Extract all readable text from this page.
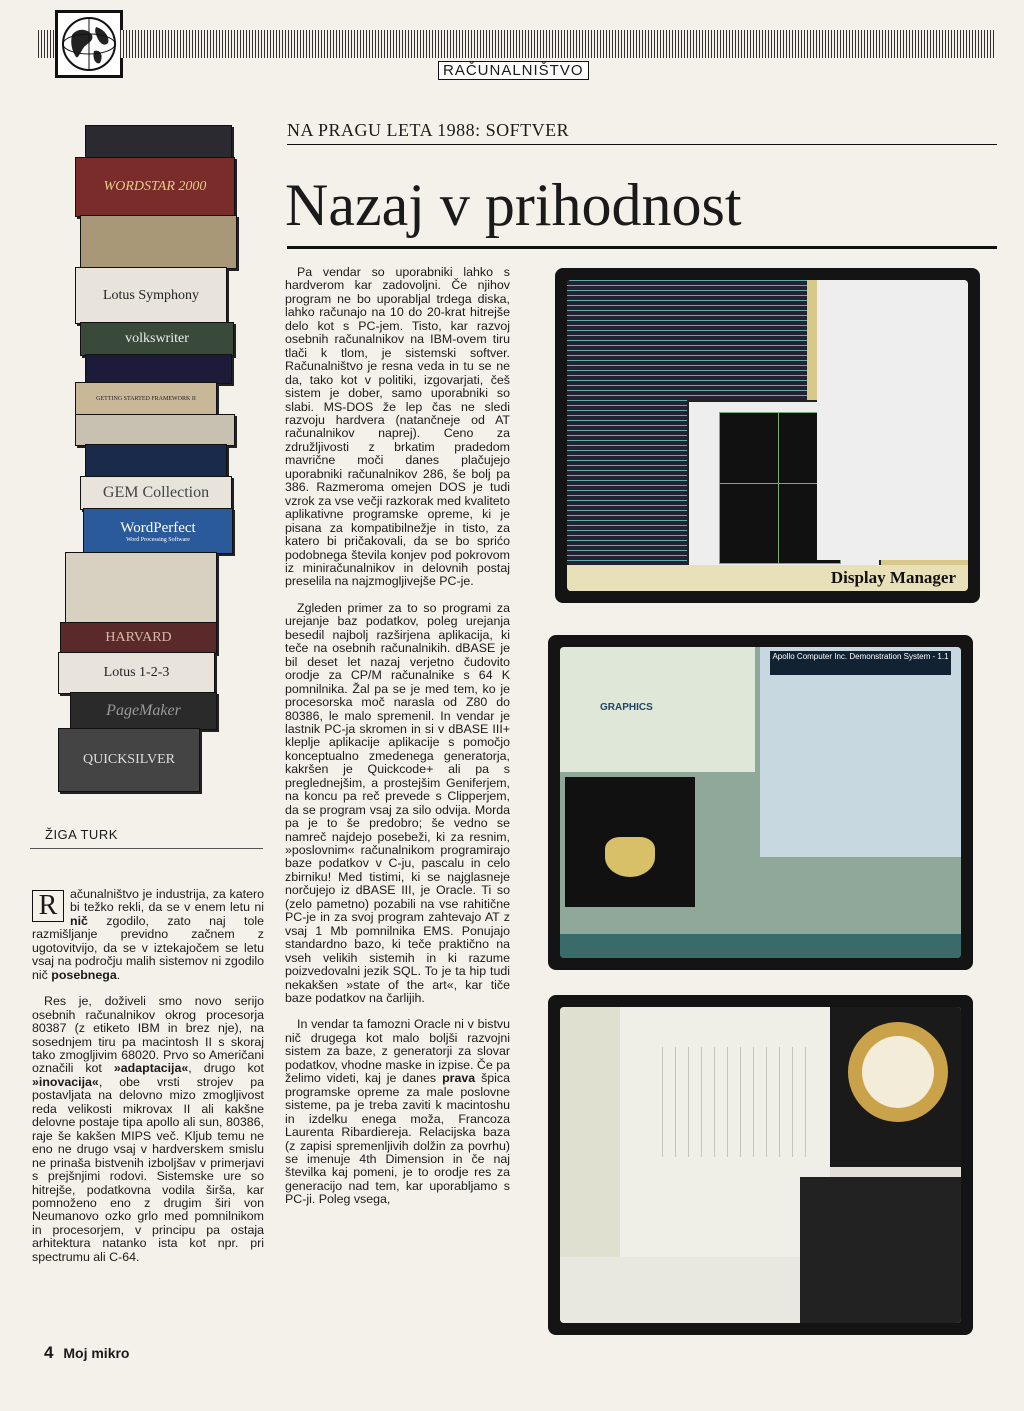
RAČUNALNIŠTVO
NA PRAGU LETA 1988: SOFTVER
Nazaj v prihodnost
WORDSTAR 2000
Lotus Symphony
volkswriter
GETTING STARTED FRAMEWORK II
GEM Collection
WordPerfect
Word Processing Software
HARVARD
Lotus 1-2-3
PageMaker
QUICKSILVER
ŽIGA TURK

R	ačunalništvo je industrija, za katero bi težko rekli, da se v enem letu ni nič zgodilo, zato naj tole razmišljanje previdno začnem z ugotovitvijo, da se v iztekajočem se letu vsaj na področju malih sistemov ni zgodilo nič posebnega.

Res je, doživeli smo novo serijo osebnih računalnikov okrog procesorja 80387 (z etiketo IBM in brez nje), na sosednjem tiru pa macintosh II s skoraj tako zmogljivim 68020. Prvo so Američani označili kot »adaptacija«, drugo kot »inovacija«, obe vrsti strojev pa postavljata na delovno mizo zmogljivost reda velikosti mikrovax II ali kakšne delovne postaje tipa apollo ali sun, 80386, raje še kakšen MIPS več. Kljub temu ne eno ne drugo vsaj v hardverskem smislu ne prinaša bistvenih izboljšav v primerjavi s prejšnjimi rodovi. Sistemske ure so hitrejše, podatkovna vodila širša, kar pomnoženo eno z drugim širi von Neumanovo ozko grlo med pomnilnikom in procesorjem, v principu pa ostaja arhitektura natanko ista kot npr. pri spectrumu ali C-64.

Pa vendar so uporabniki lahko s hardverom kar zadovoljni. Če njihov program ne bo uporabljal trdega diska, lahko računajo na 10 do 20-krat hitrejše delo kot s PC-jem. Tisto, kar razvoj osebnih računalnikov na IBM-ovem tiru tlači k tlom, je sistemski softver. Računalništvo je resna veda in tu se ne da, tako kot v politiki, izgovarjati, češ sistem je dober, samo uporabniki so slabi. MS-DOS že lep čas ne sledi razvoju hardvera (natančneje od AT računalnikov naprej). Ceno za združljivosti z brkatim pradedom mavrične moči danes plačujejo uporabniki računalnikov 286, še bolj pa 386. Razmeroma omejen DOS je tudi vzrok za vse večji razkorak med kvaliteto aplikativne programske opreme, ki je pisana za kompatibilnežje in tisto, za katero bi pričakovali, da se bo sprićo podobnega števila konjev pod pokrovom iz miniračunalnikov in delovnih postaj preselila na najzmogljivejše PC-je.

Zgleden primer za to so programi za urejanje baz podatkov, poleg urejanja besedil najbolj razširjena aplikacija, ki teče na osebnih računalnikih. dBASE je bil deset let nazaj verjetno čudovito orodje za CP/M računalnike s 64 K pomnilnika. Žal pa se je med tem, ko je procesorska moč narasla od Z80 do 80386, le malo spremenil. In vendar je lastnik PC-ja skromen in si v dBASE III+ kleplje aplikacije aplikacije s pomočjo konceptualno zmedenega generatorja, kakršen je Quickcode+ ali pa s preglednejšim, a prostejšim Geniferjem, na koncu pa reč prevede s Clipperjem, da se program vsaj za silo odvija. Morda pa je to še predobro; še vedno se namreč najdejo posebeži, ki za resnim, »poslovnim« računalnikom programirajo baze podatkov v C-ju, pascalu in celo zbirniku! Med tistimi, ki se najglasneje norčujejo iz dBASE III, je Oracle. Ti so (zelo pametno) pozabili na vse rahitične PC-je in za svoj program zahtevajo AT z vsaj 1 Mb pomnilnika EMS. Ponujajo standardno bazo, ki teče praktično na vseh velikih sistemih in ki razume poizvedovalni jezik SQL. To je ta hip tudi nekakšen »state of the art«, kar tiče baze podatkov na čarlijih.

In vendar ta famozni Oracle ni v bistvu nič drugega kot malo boljši razvojni sistem za baze, z generatorji za slovar podatkov, vhodne maske in izpise. Če pa želimo videti, kaj je danes prava špica programske opreme za male poslovne sisteme, pa je treba zaviti k macintoshu in izdelku enega možа, Francoza Laurenta Ribardiereja. Relacijska baza (z zapisi spremenljivih dolžin za povrhu) se imenuje 4th Dimension in če naj številka kaj pomeni, je to orodje res za generacijo nad tem, kar uporabljamo s PC-ji. Poleg vsega,

Display Manager
GRAPHICS
Apollo Computer Inc. Demonstration System - 1.1
4 Moj mikro
